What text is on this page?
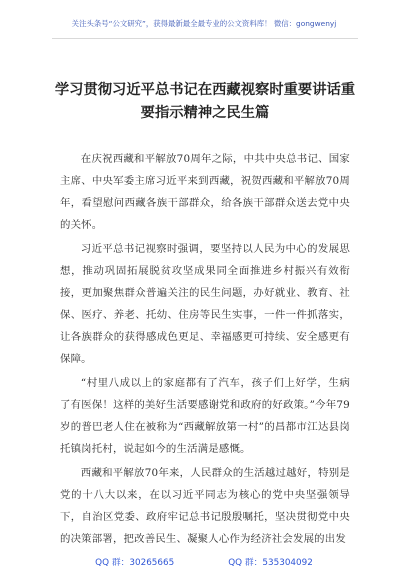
关注头条号“公文研究”，获得最新最全最专业的公文资料库！ 微信：gongwenyj
学习贯彻习近平总书记在西藏视察时重要讲话重
要指示精神之民生篇

在庆祝西藏和平解放70周年之际，中共中央总书记、国家主席、中央军委主席习近平来到西藏，祝贺西藏和平解放70周年，看望慰问西藏各族干部群众，给各族干部群众送去党中央的关怀。

习近平总书记视察时强调，要坚持以人民为中心的发展思想，推动巩固拓展脱贫攻坚成果同全面推进乡村振兴有效衔接，更加聚焦群众普遍关注的民生问题，办好就业、教育、社保、医疗、养老、托幼、住房等民生实事，一件一件抓落实，让各族群众的获得感成色更足、幸福感更可持续、安全感更有保障。

“村里八成以上的家庭都有了汽车，孩子们上好学，生病了有医保！这样的美好生活要感谢党和政府的好政策。”今年79岁的普巴老人住在被称为“西藏解放第一村”的昌都市江达县岗托镇岗托村，说起如今的生活满是感慨。

西藏和平解放70年来，人民群众的生活越过越好，特别是党的十八大以来，在以习近平同志为核心的党中央坚强领导下，自治区党委、政府牢记总书记殷殷嘱托，坚决贯彻党中央的决策部署，把改善民生、凝聚人心作为经济社会发展的出发

QQ 群：30265665	QQ 群：535304092
